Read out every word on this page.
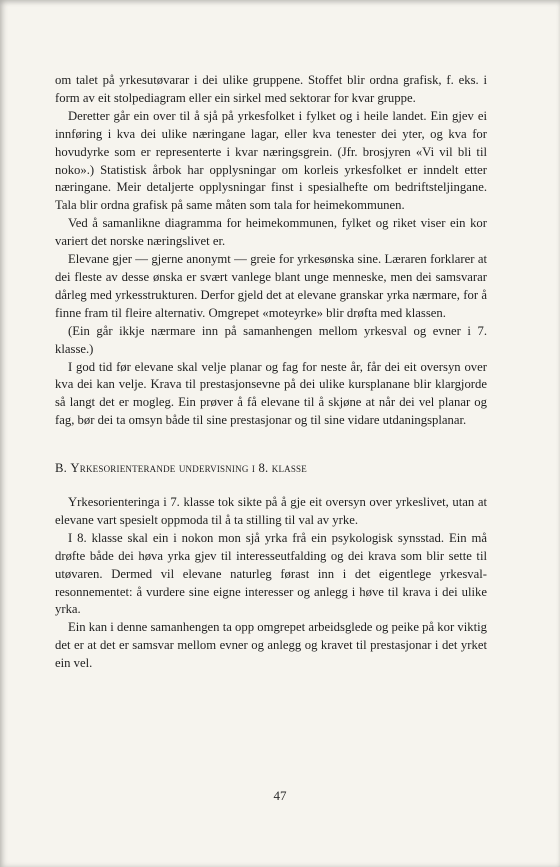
om talet på yrkesutøvarar i dei ulike gruppene. Stoffet blir ordna grafisk, f. eks. i form av eit stolpediagram eller ein sirkel med sektorar for kvar gruppe.

Deretter går ein over til å sjå på yrkesfolket i fylket og i heile landet. Ein gjev ei innføring i kva dei ulike næringane lagar, eller kva tenester dei yter, og kva for hovudyrke som er representerte i kvar næringsgrein. (Jfr. brosjyren «Vi vil bli til noko».) Statistisk årbok har opplysningar om korleis yrkesfolket er inndelt etter næringane. Meir detaljerte opplysningar finst i spesialhefte om bedriftsteljingane. Tala blir ordna grafisk på same måten som tala for heimekommunen.

Ved å samanlikne diagramma for heimekommunen, fylket og riket viser ein kor variert det norske næringslivet er.

Elevane gjer — gjerne anonymt — greie for yrkesønska sine. Læraren forklarer at dei fleste av desse ønska er svært vanlege blant unge menneske, men dei samsvarar dårleg med yrkesstrukturen. Derfor gjeld det at elevane granskar yrka nærmare, for å finne fram til fleire alternativ. Omgrepet «moteyrke» blir drøfta med klassen.

(Ein går ikkje nærmare inn på samanhengen mellom yrkesval og evner i 7. klasse.)

I god tid før elevane skal velje planar og fag for neste år, får dei eit oversyn over kva dei kan velje. Krava til prestasjonsevne på dei ulike kursplanane blir klargjorde så langt det er mogleg. Ein prøver å få elevane til å skjøne at når dei vel planar og fag, bør dei ta omsyn både til sine prestasjonar og til sine vidare utdaningsplanar.

B. Yrkesorienterande undervisning i 8. klasse

Yrkesorienteringa i 7. klasse tok sikte på å gje eit oversyn over yrkeslivet, utan at elevane vart spesielt oppmoda til å ta stilling til val av yrke.

I 8. klasse skal ein i nokon mon sjå yrka frå ein psykologisk synsstad. Ein må drøfte både dei høva yrka gjev til interesseutfalding og dei krava som blir sette til utøvaren. Dermed vil elevane naturleg førast inn i det eigentlege yrkesval-resonnementet: å vurdere sine eigne interesser og anlegg i høve til krava i dei ulike yrka.

Ein kan i denne samanhengen ta opp omgrepet arbeidsglede og peike på kor viktig det er at det er samsvar mellom evner og anlegg og kravet til prestasjonar i det yrket ein vel.

47
